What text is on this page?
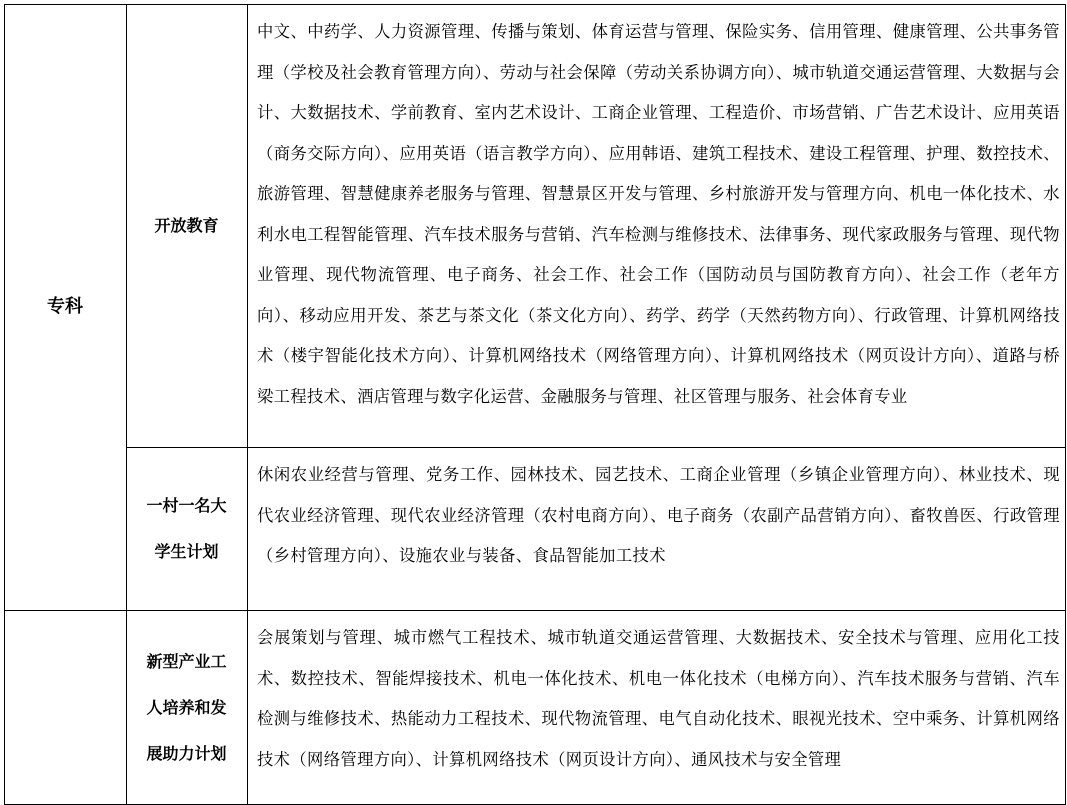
专科
开放教育
中文、中药学、人力资源管理、传播与策划、体育运营与管理、保险实务、信用管理、健康管理、公共事务管理（学校及社会教育管理方向）、劳动与社会保障（劳动关系协调方向）、城市轨道交通运营管理、大数据与会计、大数据技术、学前教育、室内艺术设计、工商企业管理、工程造价、市场营销、广告艺术设计、应用英语（商务交际方向）、应用英语（语言教学方向）、应用韩语、建筑工程技术、建设工程管理、护理、数控技术、旅游管理、智慧健康养老服务与管理、智慧景区开发与管理、乡村旅游开发与管理方向、机电一体化技术、水利水电工程智能管理、汽车技术服务与营销、汽车检测与维修技术、法律事务、现代家政服务与管理、现代物业管理、现代物流管理、电子商务、社会工作、社会工作（国防动员与国防教育方向）、社会工作（老年方向）、移动应用开发、茶艺与茶文化（茶文化方向）、药学、药学（天然药物方向）、行政管理、计算机网络技术（楼宇智能化技术方向）、计算机网络技术（网络管理方向）、计算机网络技术（网页设计方向）、道路与桥梁工程技术、酒店管理与数字化运营、金融服务与管理、社区管理与服务、社会体育专业
一村一名大学生计划
休闲农业经营与管理、党务工作、园林技术、园艺技术、工商企业管理（乡镇企业管理方向）、林业技术、现代农业经济管理、现代农业经济管理（农村电商方向）、电子商务（农副产品营销方向）、畜牧兽医、行政管理（乡村管理方向）、设施农业与装备、食品智能加工技术
新型产业工人培养和发展助力计划
会展策划与管理、城市燃气工程技术、城市轨道交通运营管理、大数据技术、安全技术与管理、应用化工技术、数控技术、智能焊接技术、机电一体化技术、机电一体化技术（电梯方向）、汽车技术服务与营销、汽车检测与维修技术、热能动力工程技术、现代物流管理、电气自动化技术、眼视光技术、空中乘务、计算机网络技术（网络管理方向）、计算机网络技术（网页设计方向）、通风技术与安全管理
